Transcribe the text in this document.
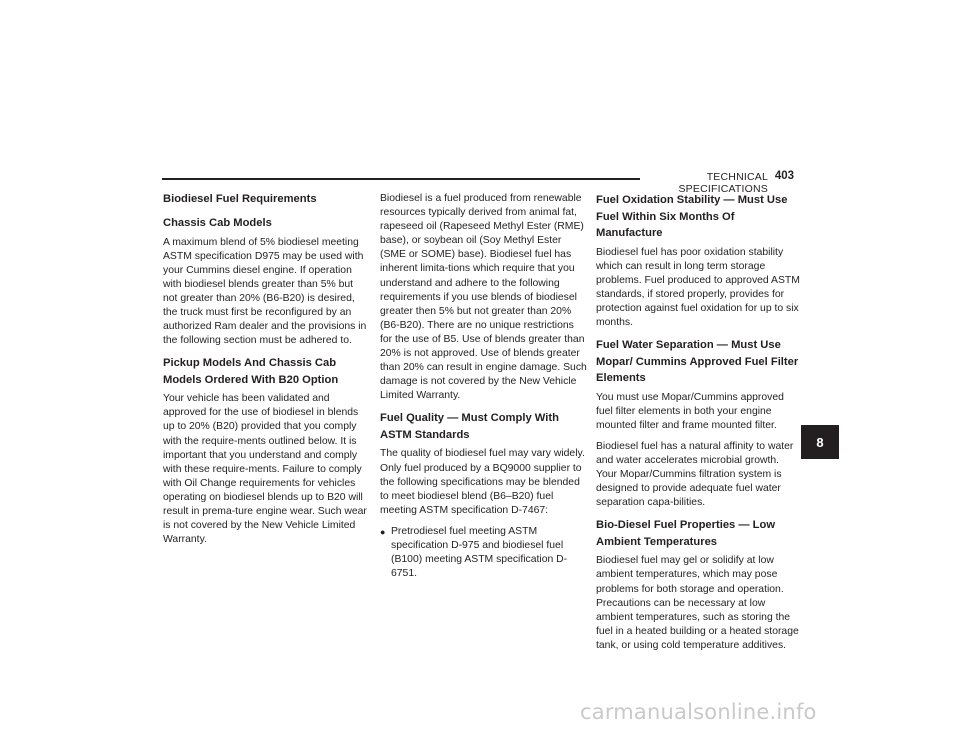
TECHNICAL SPECIFICATIONS
403
Biodiesel Fuel Requirements
Chassis Cab Models
A maximum blend of 5% biodiesel meeting ASTM specification D975 may be used with your Cummins diesel engine. If operation with biodiesel blends greater than 5% but not greater than 20% (B6-B20) is desired, the truck must first be reconfigured by an authorized Ram dealer and the provisions in the following section must be adhered to.
Pickup Models And Chassis Cab Models Ordered With B20 Option
Your vehicle has been validated and approved for the use of biodiesel in blends up to 20% (B20) provided that you comply with the require-ments outlined below. It is important that you understand and comply with these require-ments. Failure to comply with Oil Change requirements for vehicles operating on biodiesel blends up to B20 will result in prema-ture engine wear. Such wear is not covered by the New Vehicle Limited Warranty.
Biodiesel is a fuel produced from renewable resources typically derived from animal fat, rapeseed oil (Rapeseed Methyl Ester (RME) base), or soybean oil (Soy Methyl Ester (SME or SOME) base). Biodiesel fuel has inherent limita-tions which require that you understand and adhere to the following requirements if you use blends of biodiesel greater then 5% but not greater than 20% (B6-B20). There are no unique restrictions for the use of B5. Use of blends greater than 20% is not approved. Use of blends greater than 20% can result in engine damage. Such damage is not covered by the New Vehicle Limited Warranty.
Fuel Quality — Must Comply With ASTM Standards
The quality of biodiesel fuel may vary widely. Only fuel produced by a BQ9000 supplier to the following specifications may be blended to meet biodiesel blend (B6–B20) fuel meeting ASTM specification D-7467:
● Pretrodiesel fuel meeting ASTM specification D-975 and biodiesel fuel (B100) meeting ASTM specification D-6751.
Fuel Oxidation Stability — Must Use Fuel Within Six Months Of Manufacture
Biodiesel fuel has poor oxidation stability which can result in long term storage problems. Fuel produced to approved ASTM standards, if stored properly, provides for protection against fuel oxidation for up to six months.
Fuel Water Separation — Must Use Mopar/ Cummins Approved Fuel Filter Elements
You must use Mopar/Cummins approved fuel filter elements in both your engine mounted filter and frame mounted filter.
Biodiesel fuel has a natural affinity to water and water accelerates microbial growth. Your Mopar/Cummins filtration system is designed to provide adequate fuel water separation capa-bilities.
Bio-Diesel Fuel Properties — Low Ambient Temperatures
Biodiesel fuel may gel or solidify at low ambient temperatures, which may pose problems for both storage and operation. Precautions can be necessary at low ambient temperatures, such as storing the fuel in a heated building or a heated storage tank, or using cold temperature additives.
8
carmanualsonline.info
